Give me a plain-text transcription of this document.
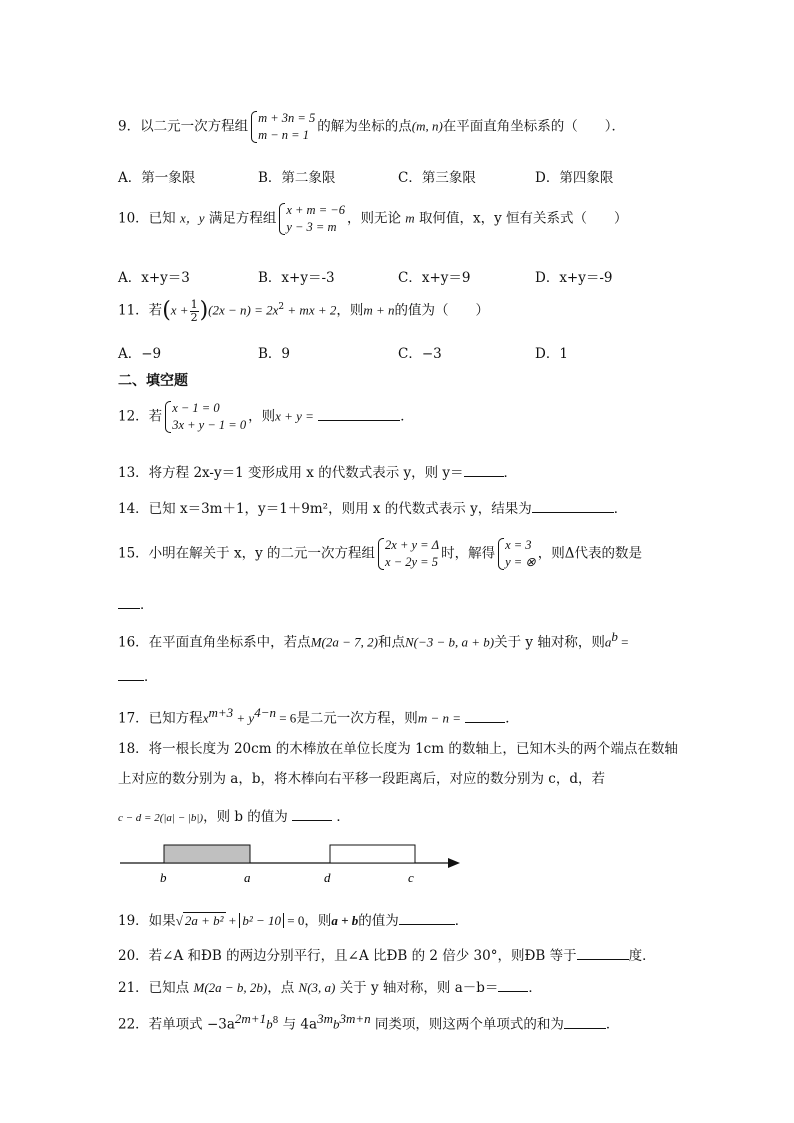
9．以二元一次方程组
m + 3n = 5
m − n = 1
的解为坐标的点(m, n)在平面直角坐标系的（　　）．
A．第一象限	B．第二象限	C．第三象限	D．第四象限
10．已知 x，y 满足方程组
x + m = −6
y − 3 = m
，则无论 m 取何值，x，y 恒有关系式（　　）
A．x+y＝3	B．x+y＝-3	C．x+y＝9	D．x+y＝-9
11．若$(x + \frac{1}{2} )(2x - n) = 2x^2$ + mx + 2，则m + n的值为（　　）
A．−9	B．9	C．−3	D．1
二、填空题
12．若
x − 1 = 0
3x + y − 1 = 0
，则x + y =	．
13．将方程 2x-y＝1 变形成用 x 的代数式表示 y，则 y＝	．
14．已知 x＝3m＋1，y＝1＋9m²，则用 x 的代数式表示 y，结果为	．
15．小明在解关于 x，y 的二元一次方程组
2x + y = Δ
x − 2y = 5
时，解得
x = 3
y = ⊗
，则Δ代表的数是
．
16．在平面直角坐标系中，若点M(2a − 7, 2)和点N(−3 − b, a + b)关于 y 轴对称，则$a^b$ =
．
17．已知方程$x^{m+3} + y^{4-n} = 6$是二元一次方程，则m − n =	．
18．将一根长度为 20cm 的木棒放在单位长度为 1cm 的数轴上，已知木头的两个端点在数轴
上对应的数分别为 a，b，将木棒向右平移一段距离后，对应的数分别为 c，d，若
c − d = 2(|a| − |b|)，则 b 的值为	．
b	a	d	c
19．如果√ 2a + b² + b² − 10 = 0，则a + b的值为	．
20．若∠A 和ÐB 的两边分别平行，且∠A 比ÐB 的 2 倍少 30°，则ÐB 等于	度．
21．已知点 M(2a − b, 2b)，点 N(3, a) 关于 y 轴对称，则 a－b＝ ．
22．若单项式 $-3a^{2m+1}b^8$ 与 $4a^{3m}b^{3m+n}$ 同类项，则这两个单项式的和为	．
